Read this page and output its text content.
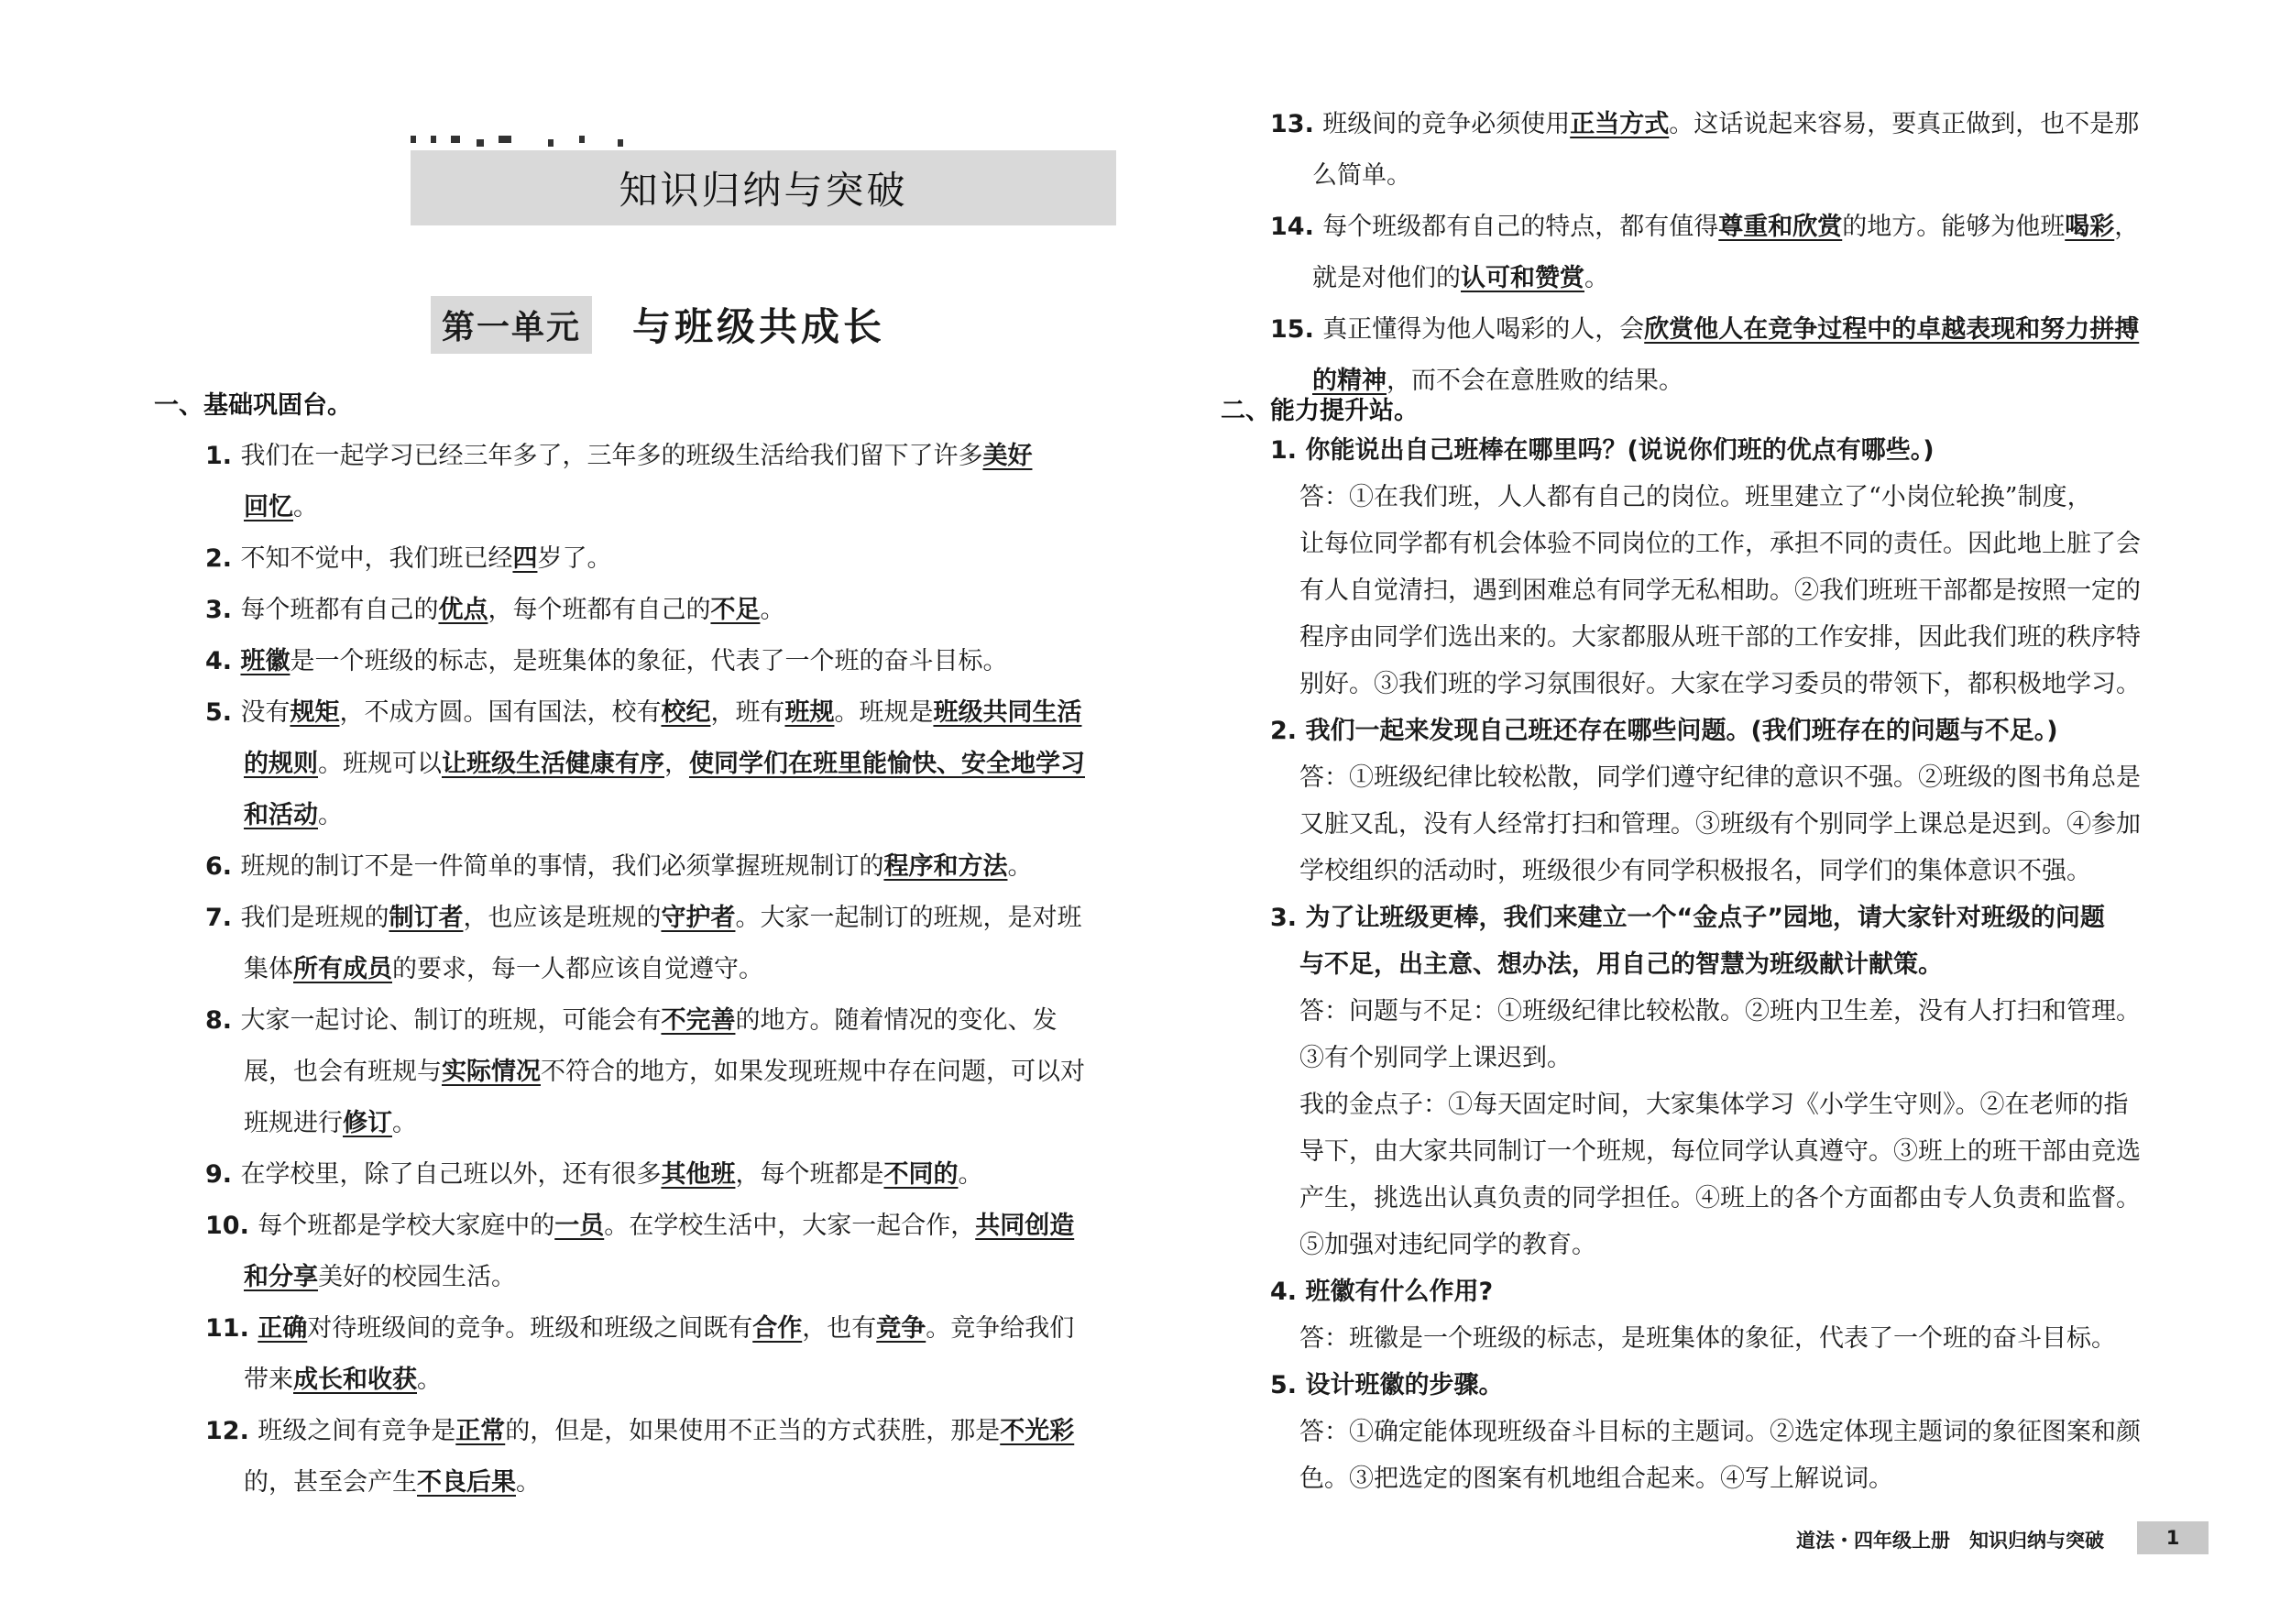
知识归纳与突破
第一单元 与班级共成长
一、基础巩固台。
1. 我们在一起学习已经三年多了，三年多的班级生活给我们留下了许多美好
回忆。
2. 不知不觉中，我们班已经四岁了。
3. 每个班都有自己的优点，每个班都有自己的不足。
4. 班徽是一个班级的标志，是班集体的象征，代表了一个班的奋斗目标。
5. 没有规矩，不成方圆。国有国法，校有校纪，班有班规。班规是班级共同生活
的规则。班规可以让班级生活健康有序，使同学们在班里能愉快、安全地学习
和活动。
6. 班规的制订不是一件简单的事情，我们必须掌握班规制订的程序和方法。
7. 我们是班规的制订者，也应该是班规的守护者。大家一起制订的班规，是对班
集体所有成员的要求，每一人都应该自觉遵守。
8. 大家一起讨论、制订的班规，可能会有不完善的地方。随着情况的变化、发
展，也会有班规与实际情况不符合的地方，如果发现班规中存在问题，可以对
班规进行修订。
9. 在学校里，除了自己班以外，还有很多其他班，每个班都是不同的。
10. 每个班都是学校大家庭中的一员。在学校生活中，大家一起合作，共同创造
和分享美好的校园生活。
11. 正确对待班级间的竞争。班级和班级之间既有合作，也有竞争。竞争给我们
带来成长和收获。
12. 班级之间有竞争是正常的，但是，如果使用不正当的方式获胜，那是不光彩
的，甚至会产生不良后果。
13. 班级间的竞争必须使用正当方式。这话说起来容易，要真正做到，也不是那
么简单。
14. 每个班级都有自己的特点，都有值得尊重和欣赏的地方。能够为他班喝彩，
就是对他们的认可和赞赏。
15. 真正懂得为他人喝彩的人，会欣赏他人在竞争过程中的卓越表现和努力拼搏
的精神，而不会在意胜败的结果。
二、能力提升站。
1. 你能说出自己班棒在哪里吗？(说说你们班的优点有哪些。)
答：①在我们班，人人都有自己的岗位。班里建立了“小岗位轮换”制度，
让每位同学都有机会体验不同岗位的工作，承担不同的责任。因此地上脏了会
有人自觉清扫，遇到困难总有同学无私相助。②我们班班干部都是按照一定的
程序由同学们选出来的。大家都服从班干部的工作安排，因此我们班的秩序特
别好。③我们班的学习氛围很好。大家在学习委员的带领下，都积极地学习。
2. 我们一起来发现自己班还存在哪些问题。(我们班存在的问题与不足。)
答：①班级纪律比较松散，同学们遵守纪律的意识不强。②班级的图书角总是
又脏又乱，没有人经常打扫和管理。③班级有个别同学上课总是迟到。④参加
学校组织的活动时，班级很少有同学积极报名，同学们的集体意识不强。
3. 为了让班级更棒，我们来建立一个“金点子”园地，请大家针对班级的问题
与不足，出主意、想办法，用自己的智慧为班级献计献策。
答：问题与不足：①班级纪律比较松散。②班内卫生差，没有人打扫和管理。
③有个别同学上课迟到。
我的金点子：①每天固定时间，大家集体学习《小学生守则》。②在老师的指
导下，由大家共同制订一个班规，每位同学认真遵守。③班上的班干部由竞选
产生，挑选出认真负责的同学担任。④班上的各个方面都由专人负责和监督。
⑤加强对违纪同学的教育。
4. 班徽有什么作用?
答：班徽是一个班级的标志，是班集体的象征，代表了一个班的奋斗目标。
5. 设计班徽的步骤。
答：①确定能体现班级奋斗目标的主题词。②选定体现主题词的象征图案和颜
色。③把选定的图案有机地组合起来。④写上解说词。
道法・四年级上册　知识归纳与突破	1
